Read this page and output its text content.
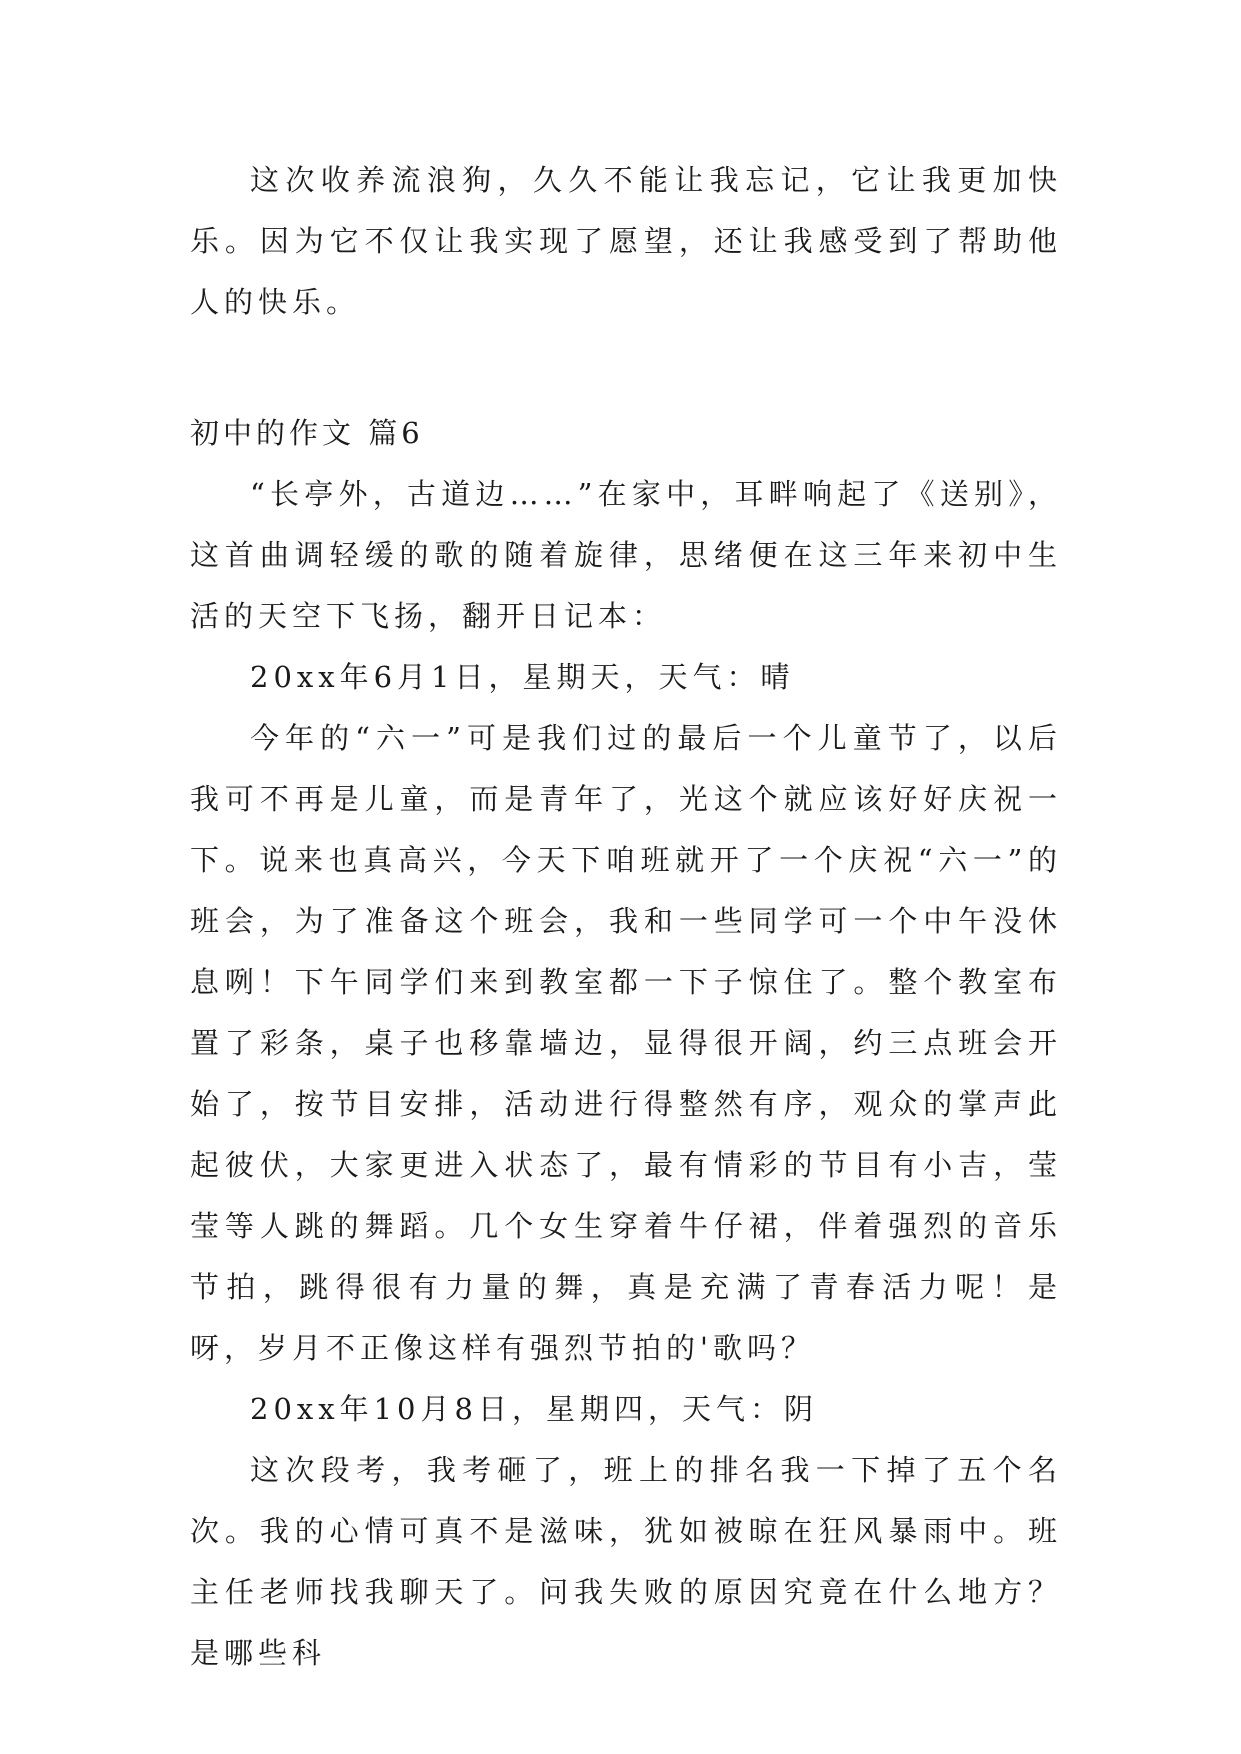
这次收养流浪狗，久久不能让我忘记，它让我更加快乐。因为它不仅让我实现了愿望，还让我感受到了帮助他人的快乐。

初中的作文 篇6

“长亭外，古道边……”在家中，耳畔响起了《送别》，这首曲调轻缓的歌的随着旋律，思绪便在这三年来初中生活的天空下飞扬，翻开日记本：

20xx年6月1日，星期天，天气：晴

今年的“六一”可是我们过的最后一个儿童节了，以后我可不再是儿童，而是青年了，光这个就应该好好庆祝一下。说来也真高兴，今天下咱班就开了一个庆祝“六一”的班会，为了准备这个班会，我和一些同学可一个中午没休息咧！下午同学们来到教室都一下子惊住了。整个教室布置了彩条，桌子也移靠墙边，显得很开阔，约三点班会开始了，按节目安排，活动进行得整然有序，观众的掌声此起彼伏，大家更进入状态了，最有情彩的节目有小吉，莹莹等人跳的舞蹈。几个女生穿着牛仔裙，伴着强烈的音乐节拍，跳得很有力量的舞，真是充满了青春活力呢！是呀，岁月不正像这样有强烈节拍的'歌吗？

20xx年10月8日，星期四，天气：阴

这次段考，我考砸了，班上的排名我一下掉了五个名次。我的心情可真不是滋味，犹如被晾在狂风暴雨中。班主任老师找我聊天了。问我失败的原因究竟在什么地方？是哪些科
